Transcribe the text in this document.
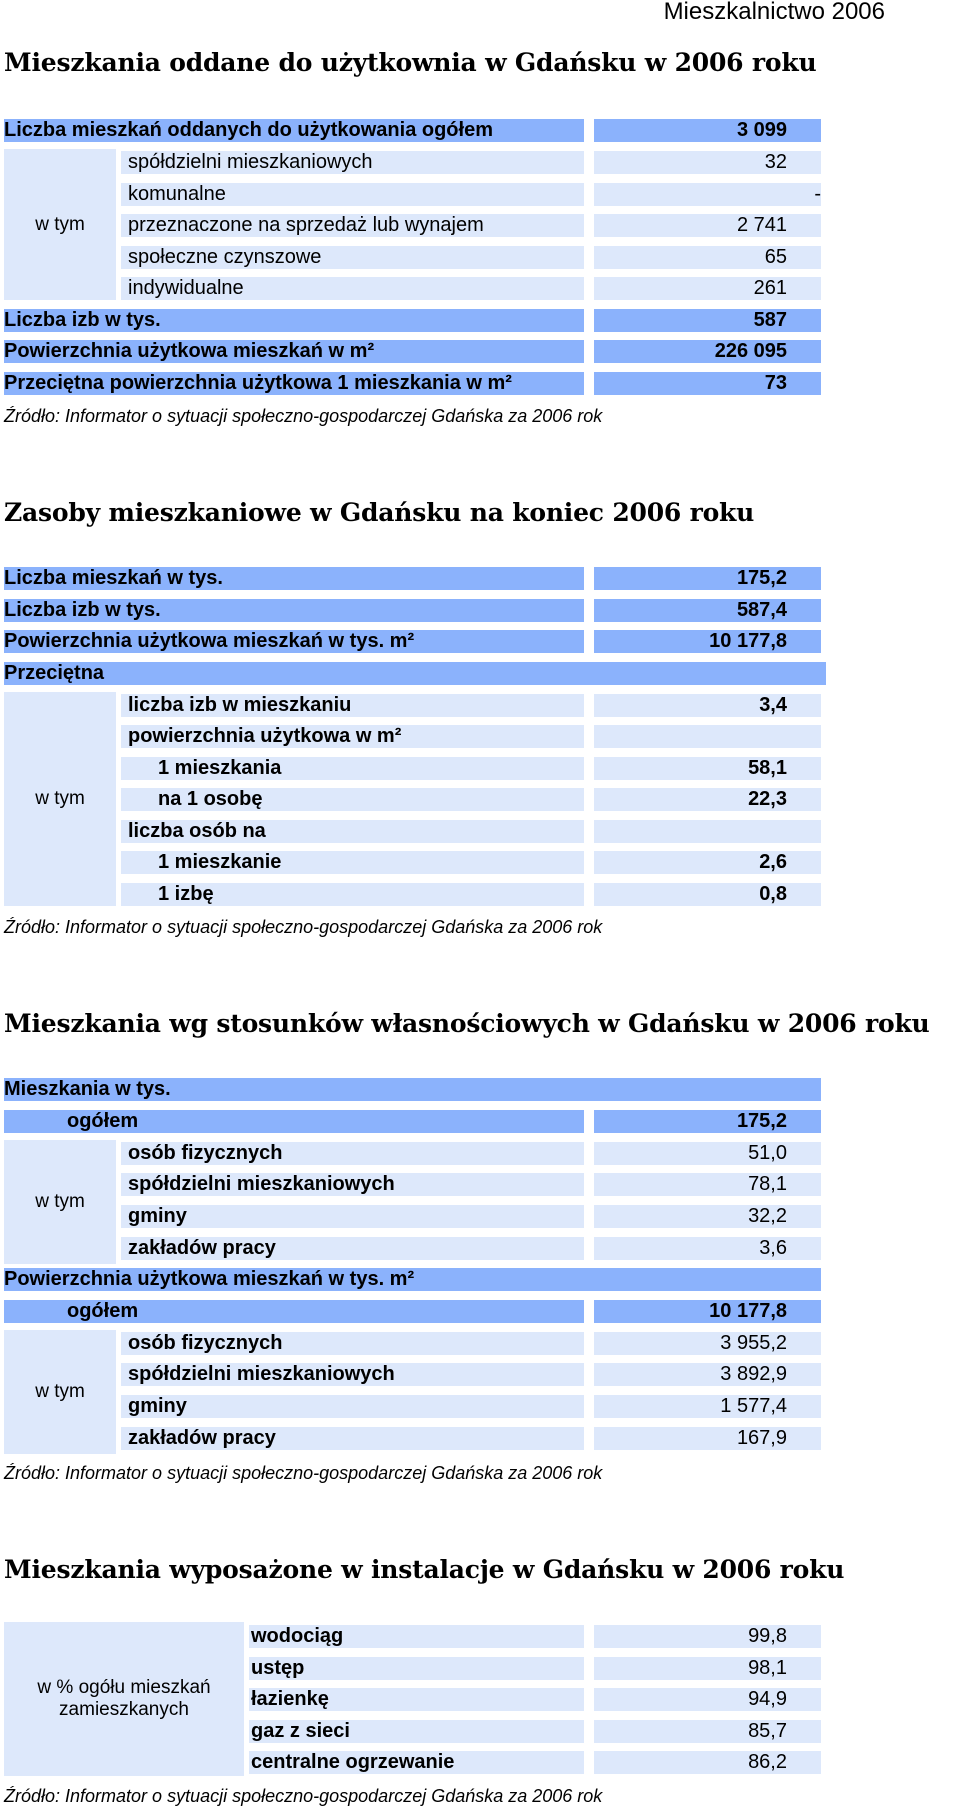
Mieszkalnictwo 2006
Mieszkania oddane do użytkownia w Gdańsku w 2006 roku
Liczba mieszkań oddanych do użytkowania ogółem	3 099
w tym
spółdzielni mieszkaniowych	32
komunalne	-
przeznaczone na sprzedaż lub wynajem	2 741
społeczne czynszowe	65
indywidualne	261
Liczba izb w tys.	587
Powierzchnia użytkowa mieszkań w m²	226 095
Przeciętna powierzchnia użytkowa 1 mieszkania w m²	73
Źródło: Informator o sytuacji społeczno-gospodarczej Gdańska za 2006 rok
Zasoby mieszkaniowe w Gdańsku na koniec 2006 roku
Liczba mieszkań w tys.	175,2
Liczba izb w tys.	587,4
Powierzchnia użytkowa mieszkań w tys. m²	10 177,8
Przeciętna
w tym
liczba izb w mieszkaniu	3,4
powierzchnia użytkowa w m²
1 mieszkania	58,1
na 1 osobę	22,3
liczba osób na
1 mieszkanie	2,6
1 izbę	0,8
Źródło: Informator o sytuacji społeczno-gospodarczej Gdańska za 2006 rok
Mieszkania wg stosunków własnościowych w Gdańsku w 2006 roku
Mieszkania w tys.
ogółem	175,2
w tym
osób fizycznych	51,0
spółdzielni mieszkaniowych	78,1
gminy	32,2
zakładów pracy	3,6
Powierzchnia użytkowa mieszkań w tys. m²
ogółem	10 177,8
w tym
osób fizycznych	3 955,2
spółdzielni mieszkaniowych	3 892,9
gminy	1 577,4
zakładów pracy	167,9
Źródło: Informator o sytuacji społeczno-gospodarczej Gdańska za 2006 rok
Mieszkania wyposażone w instalacje w Gdańsku w 2006 roku
w % ogółu mieszkań zamieszkanych
wodociąg	99,8
ustęp	98,1
łazienkę	94,9
gaz z sieci	85,7
centralne ogrzewanie	86,2
Źródło: Informator o sytuacji społeczno-gospodarczej Gdańska za 2006 rok
